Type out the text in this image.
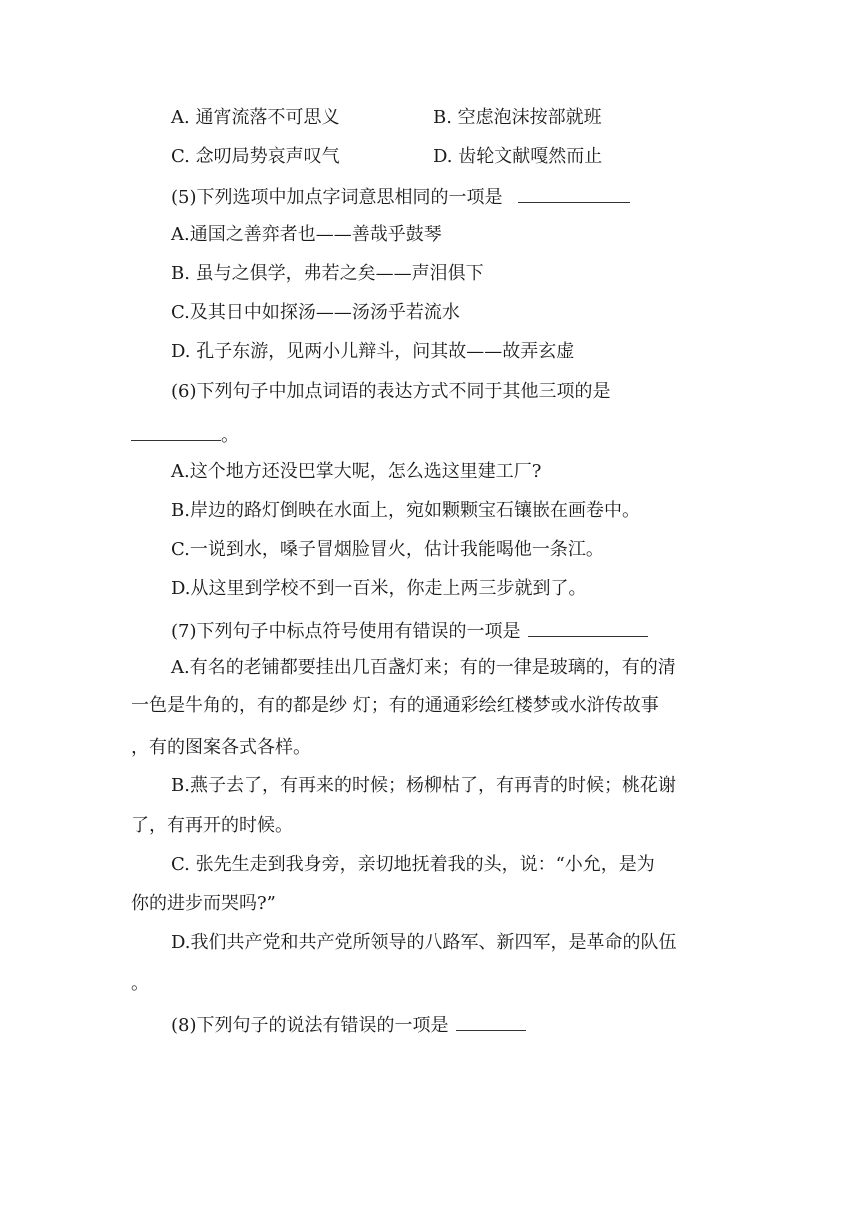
A. 通宵流落不可思义	B. 空虑泡沫按部就班
C. 念叨局势哀声叹气	D. 齿轮文献嘎然而止
(5)下列选项中加点字词意思相同的一项是
A.通国之善弈者也——善哉乎鼓琴
B. 虽与之俱学，弗若之矣——声泪俱下
C.及其日中如探汤——汤汤乎若流水
D. 孔子东游，见两小儿辩斗，问其故——故弄玄虚
(6)下列句子中加点词语的表达方式不同于其他三项的是
。
A.这个地方还没巴掌大呢，怎么选这里建工厂?
B.岸边的路灯倒映在水面上，宛如颗颗宝石镶嵌在画卷中。
C.一说到水，嗓子冒烟脸冒火，估计我能喝他一条江。
D.从这里到学校不到一百米，你走上两三步就到了。
(7)下列句子中标点符号使用有错误的一项是
A.有名的老铺都要挂出几百盏灯来；有的一律是玻璃的，有的清
一色是牛角的，有的都是纱 灯；有的通通彩绘红楼梦或水浒传故事
，有的图案各式各样。
B.燕子去了，有再来的时候；杨柳枯了，有再青的时候；桃花谢
了，有再开的时候。
C. 张先生走到我身旁，亲切地抚着我的头，说：“小允，是为
你的进步而哭吗?”
D.我们共产党和共产党所领导的八路军、新四军，是革命的队伍
。
(8)下列句子的说法有错误的一项是
